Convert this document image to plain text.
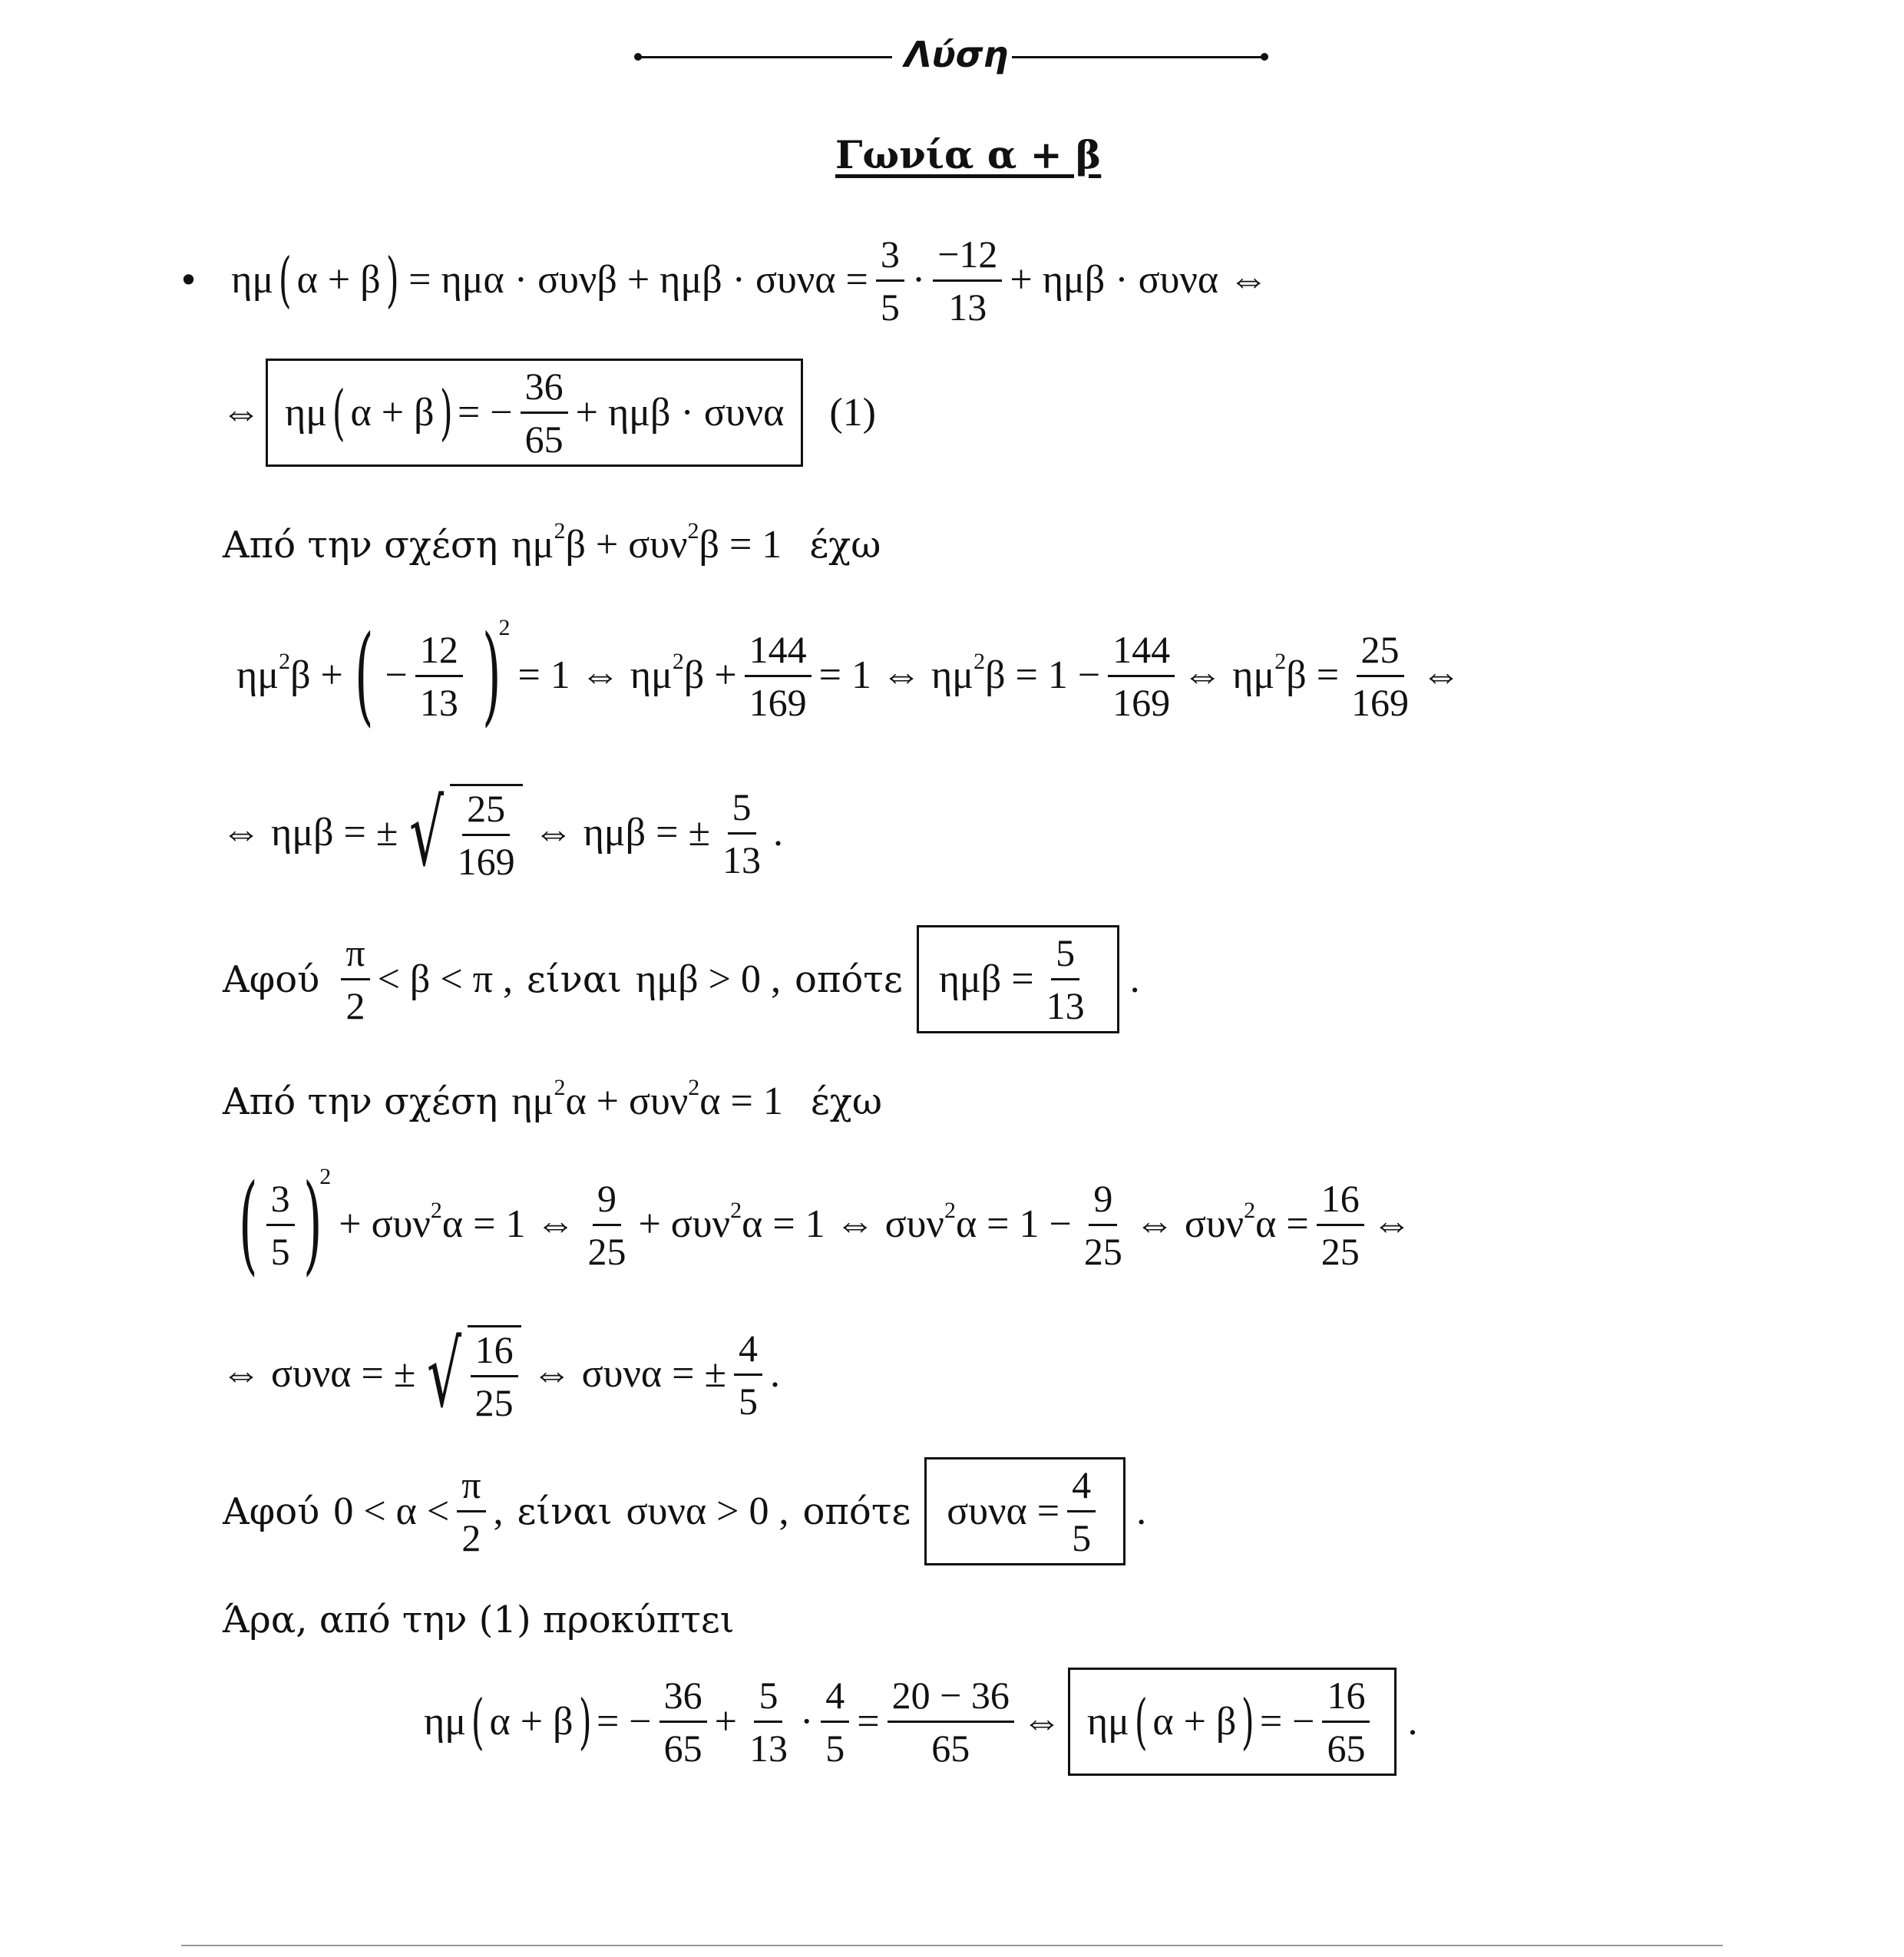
Λύση
Γωνία α + β
• ημ ( α + β ) = $\eta\mu\alpha \cdot \sigma\upsilon\nu\beta + \eta\mu\beta \cdot \sigma\upsilon\nu\alpha = \frac{3}{5} \cdot \frac{-12}{13} + \eta\mu\beta \cdot \sigma\upsilon\nu\alpha$ ⇔
⇔ ημ ( α + β ) = − $\frac{36}{65} + \eta\mu\beta \cdot \sigma\upsilon\nu\alpha$ (1)
Από την σχέση ημ 2 β + συν 2 β = 1 έχω
ημ 2 β + ( − $\frac{12}{13}$ )
2
= 1 ⇔ ημ 2 $\beta + \frac{144}{169} = 1$ ⇔ ημ 2 $\beta = 1 - \frac{144}{169}$ ⇔ ημ 2 $\beta = \frac{25}{169}$ ⇔
⇔ ημβ = ± √ $\frac{25}{169}$ ⇔ ημβ = ± $\frac{5}{13}$ .
Αφού $\frac{\pi}{2} < \beta < \pi$ , είναι ημβ > 0 , οπότε $\eta\mu\beta = \frac{5}{13}$ .
Από την σχέση ημ 2 α + συν 2 α = 1 έχω
( $\frac{3}{5}$ )
2
+ συν 2 α = 1 ⇔ $\frac{9}{25} + \sigma\upsilon\nu$ 2 α = 1 ⇔ συν 2 $\alpha = 1 - \frac{9}{25}$ ⇔ συν 2 $\alpha = \frac{16}{25}$ ⇔
⇔ συνα = ± √ $\frac{16}{25}$ ⇔ συνα = ± $\frac{4}{5}$ .
Αφού $0 < \alpha < \frac{\pi}{2}$ , είναι συνα > 0 , οπότε $\sigma\upsilon\nu\alpha = \frac{4}{5}$ .
Άρα, από την (1) προκύπτει
ημ ( α + β ) = − $\frac{36}{65} + \frac{5}{13} \cdot \frac{4}{5} = \frac{20 - 36}{65}$ ⇔ ημ ( α + β ) = − $\frac{16}{65}$ .
